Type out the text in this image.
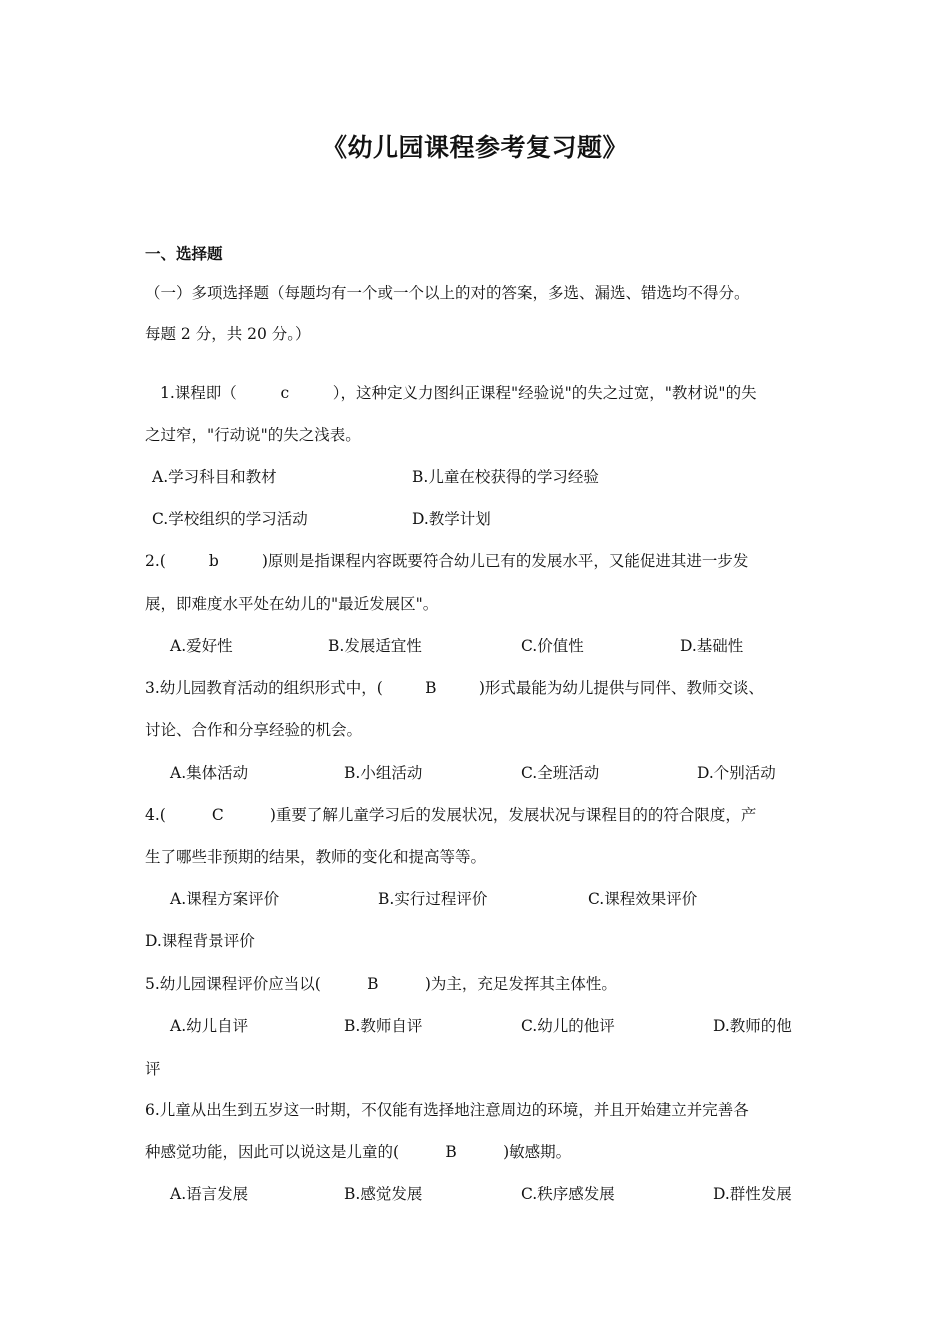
《幼儿园课程参考复习题》
一、选择题
（一）多项选择题（每题均有一个或一个以上的对的答案，多选、漏选、错选均不得分。
每题 2 分，共 20 分。）
1.课程即（	c	），这种定义力图纠正课程"经验说"的失之过宽，"教材说"的失
之过窄，"行动说"的失之浅表。
A.学习科目和教材	B.儿童在校获得的学习经验
C.学校组织的学习活动	D.教学计划
2.(	b	)原则是指课程内容既要符合幼儿已有的发展水平，又能促进其进一步发
展，即难度水平处在幼儿的"最近发展区"。
A.爱好性	B.发展适宜性	C.价值性	D.基础性
3.幼儿园教育活动的组织形式中，(	B	)形式最能为幼儿提供与同伴、教师交谈、
讨论、合作和分享经验的机会。
A.集体活动	B.小组活动	C.全班活动	D.个别活动
4.(	C	)重要了解儿童学习后的发展状况，发展状况与课程目的的符合限度，产
生了哪些非预期的结果，教师的变化和提高等等。
A.课程方案评价	B.实行过程评价	C.课程效果评价
D.课程背景评价
5.幼儿园课程评价应当以(	B	)为主，充足发挥其主体性。
A.幼儿自评	B.教师自评	C.幼儿的他评	D.教师的他
评
6.儿童从出生到五岁这一时期，不仅能有选择地注意周边的环境，并且开始建立并完善各
种感觉功能，因此可以说这是儿童的(	B	)敏感期。
A.语言发展	B.感觉发展	C.秩序感发展	D.群性发展
